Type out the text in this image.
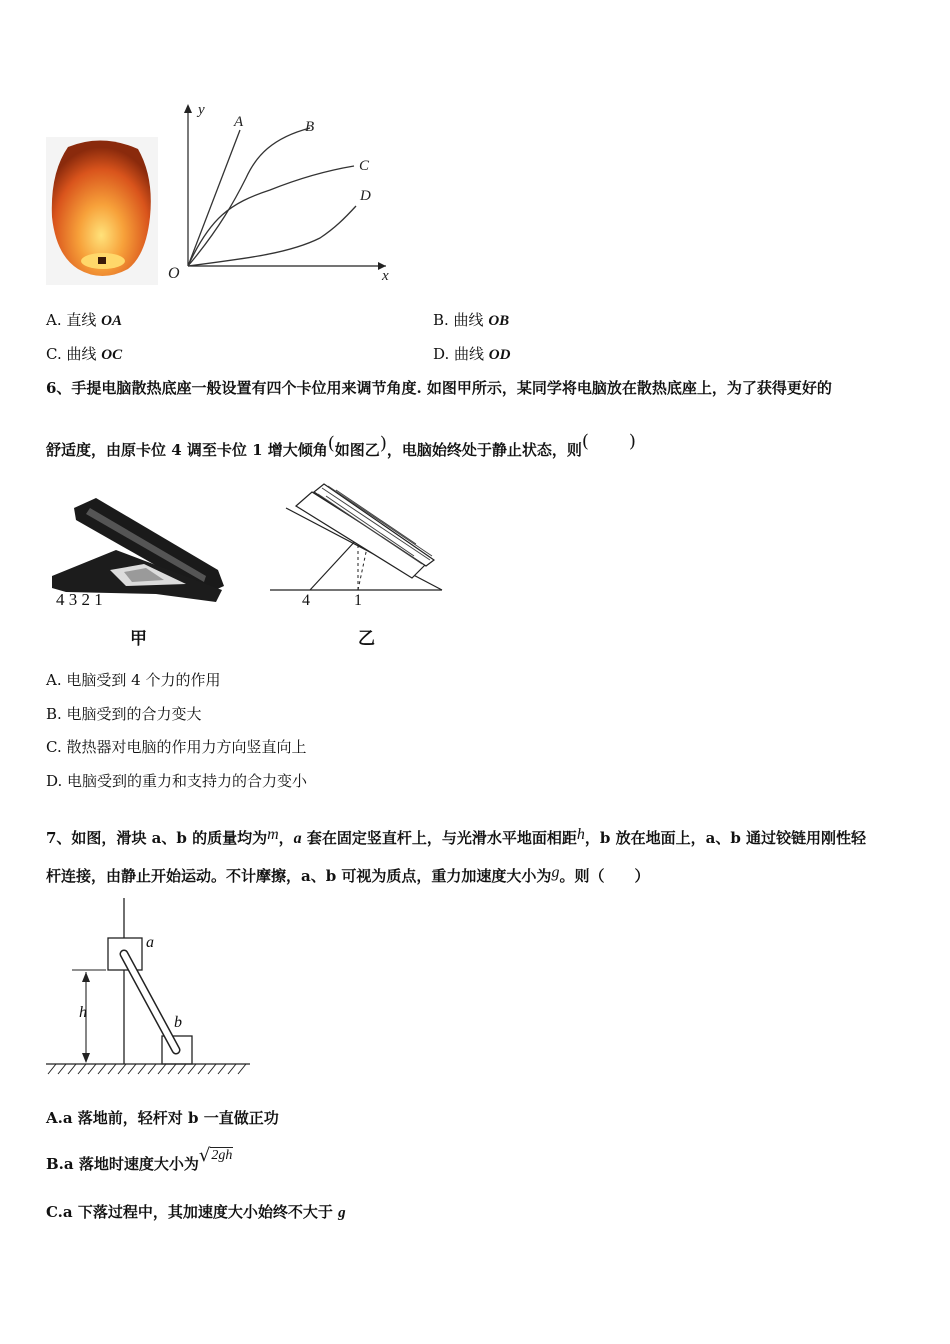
y
x
O
A	B
C
D
A. 直线 OA	B. 曲线 OB
C. 曲线 OC	D. 曲线 OD
6、手提电脑散热底座一般设置有四个卡位用来调节角度. 如图甲所示，某同学将电脑放在散热底座上，为了获得更好的
舒适度，由原卡位 4 调至卡位 1 增大倾角(如图乙)，电脑始终处于静止状态，则(       )
4 3 2 1
甲
4	1
乙
A. 电脑受到 4 个力的作用
B. 电脑受到的合力变大
C. 散热器对电脑的作用力方向竖直向上
D. 电脑受到的重力和支持力的合力变小
7、如图，滑块 a、b 的质量均为m，a 套在固定竖直杆上，与光滑水平地面相距h，b 放在地面上，a、b 通过铰链用刚性轻
杆连接，由静止开始运动。不计摩擦，a、b 可视为质点，重力加速度大小为g。则（　　）
a
b
h
A.a 落地前，轻杆对 b 一直做正功
B.a 落地时速度大小为√2gh
C.a 下落过程中，其加速度大小始终不大于 g
